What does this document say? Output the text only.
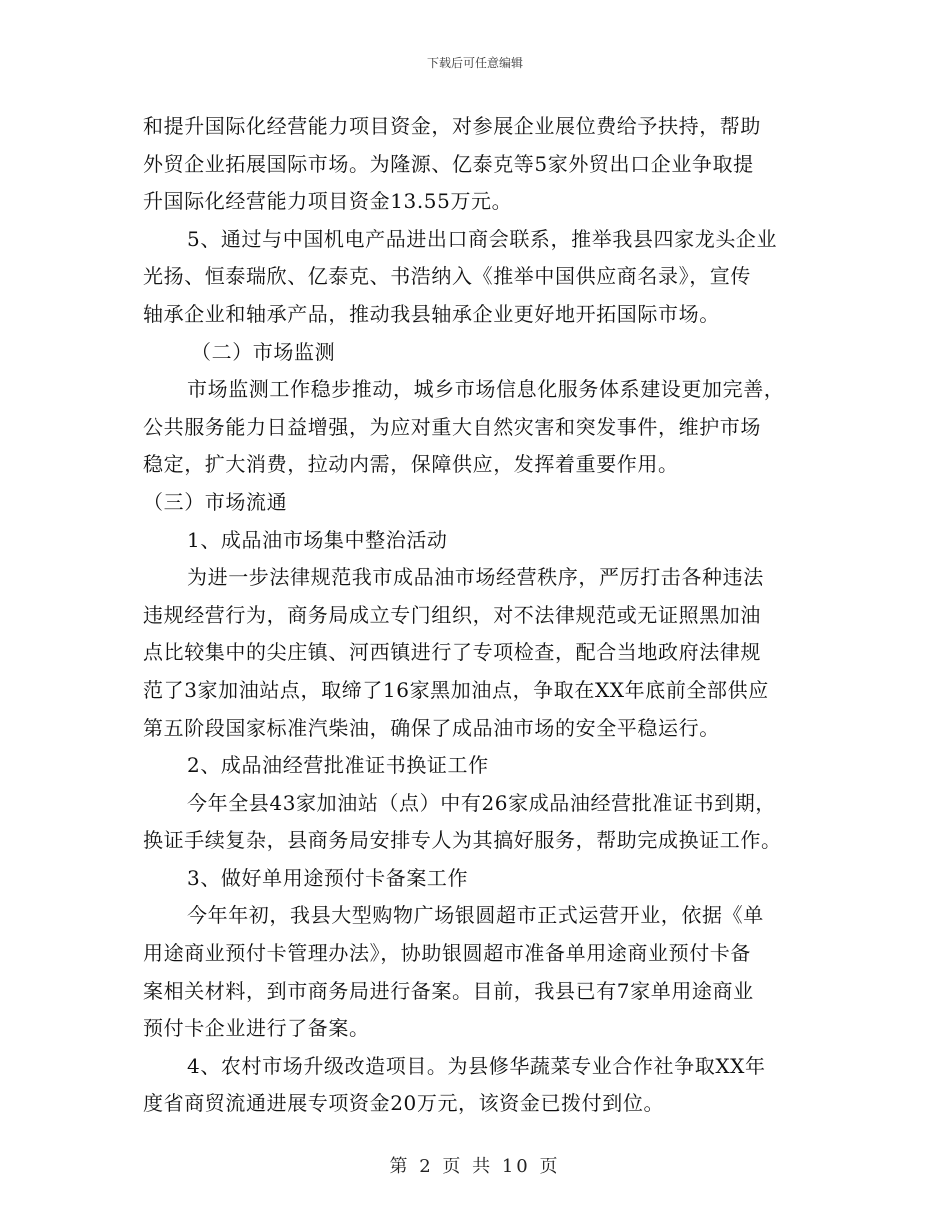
下载后可任意编辑
和提升国际化经营能力项目资金，对参展企业展位费给予扶持，帮助
外贸企业拓展国际市场。为隆源、亿泰克等5家外贸出口企业争取提
升国际化经营能力项目资金13.55万元。
5、通过与中国机电产品进出口商会联系，推举我县四家龙头企业
光扬、恒泰瑞欣、亿泰克、书浩纳入《推举中国供应商名录》，宣传
轴承企业和轴承产品，推动我县轴承企业更好地开拓国际市场。
（二）市场监测
市场监测工作稳步推动，城乡市场信息化服务体系建设更加完善，
公共服务能力日益增强，为应对重大自然灾害和突发事件，维护市场
稳定，扩大消费，拉动内需，保障供应，发挥着重要作用。
（三）市场流通
1、成品油市场集中整治活动
为进一步法律规范我市成品油市场经营秩序，严厉打击各种违法
违规经营行为，商务局成立专门组织，对不法律规范或无证照黑加油
点比较集中的尖庄镇、河西镇进行了专项检查，配合当地政府法律规
范了3家加油站点，取缔了16家黑加油点，争取在XX年底前全部供应
第五阶段国家标准汽柴油，确保了成品油市场的安全平稳运行。
2、成品油经营批准证书换证工作
今年全县43家加油站（点）中有26家成品油经营批准证书到期，
换证手续复杂，县商务局安排专人为其搞好服务，帮助完成换证工作。
3、做好单用途预付卡备案工作
今年年初，我县大型购物广场银圆超市正式运营开业，依据《单
用途商业预付卡管理办法》，协助银圆超市准备单用途商业预付卡备
案相关材料，到市商务局进行备案。目前，我县已有7家单用途商业
预付卡企业进行了备案。
4、农村市场升级改造项目。为县修华蔬菜专业合作社争取XX年
度省商贸流通进展专项资金20万元，该资金已拨付到位。
第 2 页 共 10 页
